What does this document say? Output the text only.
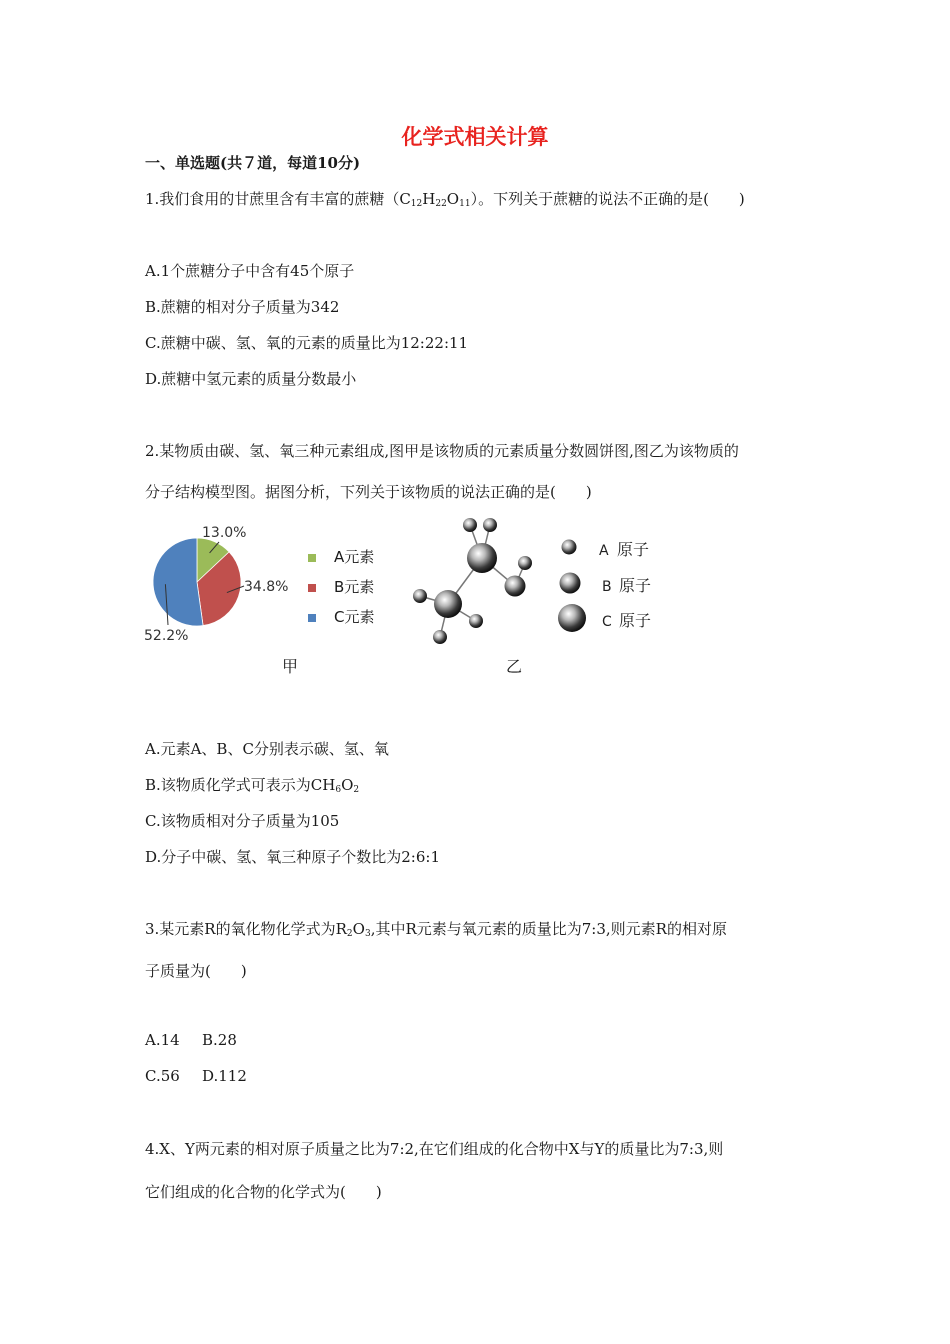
化学式相关计算
一、单选题(共７道，每道10分)
1.我们食用的甘蔗里含有丰富的蔗糖$(C_{12}H_{22}O_{11})$。下列关于蔗糖的说法不正确的是(　　)
A.1个蔗糖分子中含有45个原子
B.蔗糖的相对分子质量为342
C.蔗糖中碳、氢、氧的元素的质量比为12:22:11
D.蔗糖中氢元素的质量分数最小
2.某物质由碳、氢、氧三种元素组成,图甲是该物质的元素质量分数圆饼图,图乙为该物质的
分子结构模型图。据图分析，下列关于该物质的说法正确的是(　　)
13.0%
34.8%
52.2%
A元素
B元素
C元素
甲
A 原子
B 原子
C 原子
乙
A.元素A、B、C分别表示碳、氢、氧
B.该物质化学式可表示为$CH_6O_2$
C.该物质相对分子质量为105
D.分子中碳、氢、氧三种原子个数比为2:6:1
3.某元素R的氧化物化学式为$R_2O_3$,其中R元素与氧元素的质量比为7:3,则元素R的相对原
子质量为(　　)
A.14 B.28
C.56 D.112
4.X、Y两元素的相对原子质量之比为7:2,在它们组成的化合物中X与Y的质量比为7:3,则
它们组成的化合物的化学式为(　　)
